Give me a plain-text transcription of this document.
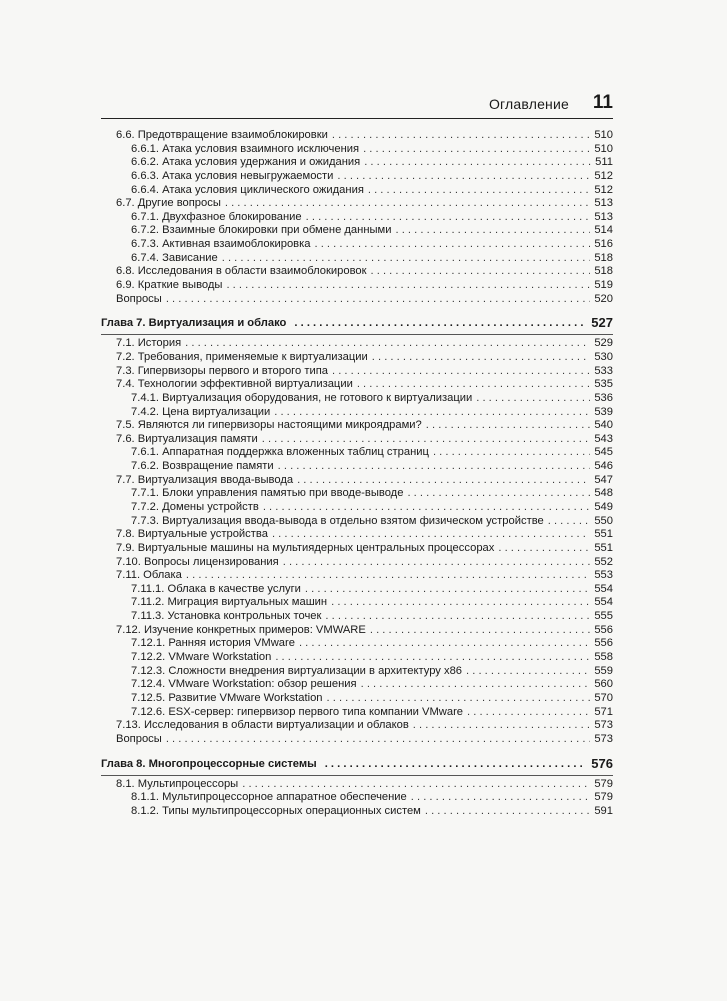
Оглавление 11
6.6. Предотвращение взаимоблокировки . . .	510
6.6.1. Атака условия взаимного исключения . . .	510
6.6.2. Атака условия удержания и ожидания . . .	511
6.6.3. Атака условия невыгружаемости . . .	512
6.6.4. Атака условия циклического ожидания . . .	512
6.7. Другие вопросы . . .	513
6.7.1. Двухфазное блокирование . . .	513
6.7.2. Взаимные блокировки при обмене данными . . .	514
6.7.3. Активная взаимоблокировка . . .	516
6.7.4. Зависание . . .	518
6.8. Исследования в области взаимоблокировок . . .	518
6.9. Краткие выводы . . .	519
Вопросы . . .	520
Глава 7. Виртуализация и облако . . .	527
7.1. История . . .	529
7.2. Требования, применяемые к виртуализации . . .	530
7.3. Гипервизоры первого и второго типа . . .	533
7.4. Технологии эффективной виртуализации . . .	535
7.4.1. Виртуализация оборудования, не готового к виртуализации . . .	536
7.4.2. Цена виртуализации . . .	539
7.5. Являются ли гипервизоры настоящими микроядрами? . . .	540
7.6. Виртуализация памяти . . .	543
7.6.1. Аппаратная поддержка вложенных таблиц страниц . . .	545
7.6.2. Возвращение памяти . . .	546
7.7. Виртуализация ввода-вывода . . .	547
7.7.1. Блоки управления памятью при вводе-выводе . . .	548
7.7.2. Домены устройств . . .	549
7.7.3. Виртуализация ввода-вывода в отдельно взятом физическом устройстве . . .	550
7.8. Виртуальные устройства . . .	551
7.9. Виртуальные машины на мультиядерных центральных процессорах . . .	551
7.10. Вопросы лицензирования . . .	552
7.11. Облака . . .	553
7.11.1. Облака в качестве услуги . . .	554
7.11.2. Миграция виртуальных машин . . .	554
7.11.3. Установка контрольных точек . . .	555
7.12. Изучение конкретных примеров: VMWARE . . .	556
7.12.1. Ранняя история VMware . . .	556
7.12.2. VMware Workstation . . .	558
7.12.3. Сложности внедрения виртуализации в архитектуру x86 . . .	559
7.12.4. VMware Workstation: обзор решения . . .	560
7.12.5. Развитие VMware Workstation . . .	570
7.12.6. ESX-сервер: гипервизор первого типа компании VMware . . .	571
7.13. Исследования в области виртуализации и облаков . . .	573
Вопросы . . .	573
Глава 8. Многопроцессорные системы . . .	576
8.1. Мультипроцессоры . . .	579
8.1.1. Мультипроцессорное аппаратное обеспечение . . .	579
8.1.2. Типы мультипроцессорных операционных систем . . .	591
